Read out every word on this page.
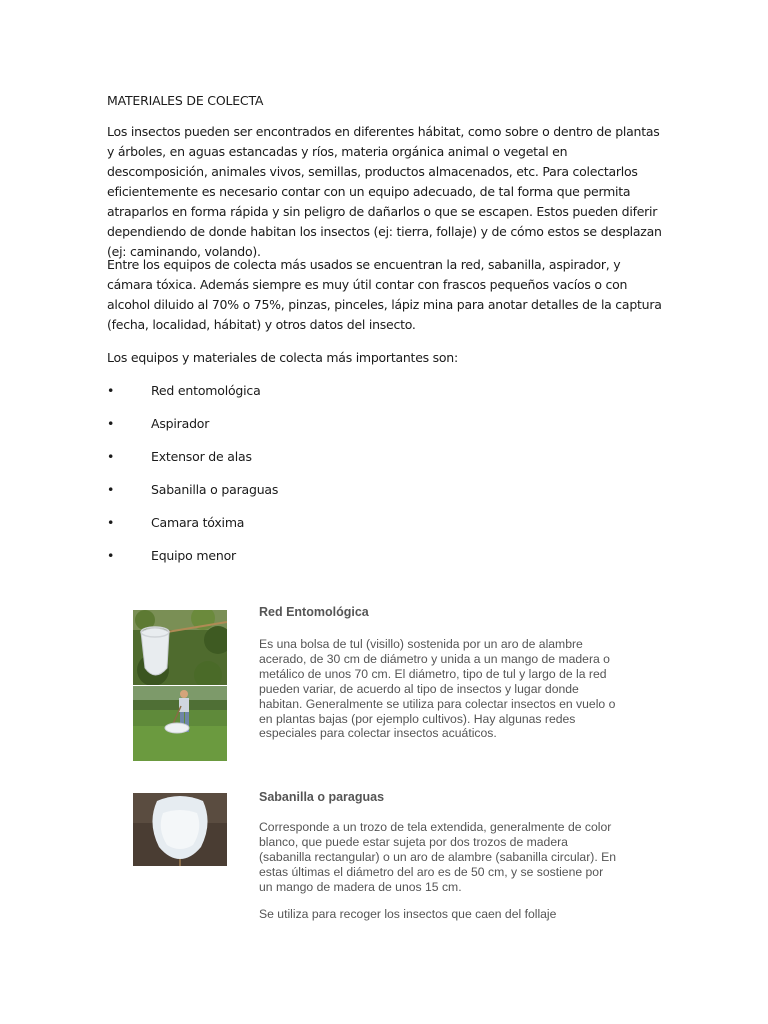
MATERIALES DE COLECTA
Los insectos pueden ser encontrados en diferentes hábitat, como sobre o dentro de plantas y árboles, en aguas estancadas y ríos, materia orgánica animal o vegetal en descomposición, animales vivos, semillas, productos almacenados, etc. Para colectarlos eficientemente es necesario contar con un equipo adecuado, de tal forma que permita atraparlos en forma rápida y sin peligro de dañarlos o que se escapen. Estos pueden diferir dependiendo de donde habitan los insectos (ej: tierra, follaje) y de cómo estos se desplazan (ej: caminando, volando).
Entre los equipos de colecta más usados se encuentran la red, sabanilla, aspirador, y cámara tóxica. Además siempre es muy útil contar con frascos pequeños vacíos o con alcohol diluido al 70% o 75%, pinzas, pinceles, lápiz mina para anotar detalles de la captura (fecha, localidad, hábitat) y otros datos del insecto.
Los equipos y materiales de colecta más importantes son:
•	Red entomológica
•	Aspirador
•	Extensor de alas
•	Sabanilla o paraguas
•	Camara tóxima
•	Equipo menor
Red Entomológica
Es una bolsa de tul (visillo) sostenida por un aro de alambre acerado, de 30 cm de diámetro y unida a un mango de madera o metálico de unos 70 cm. El diámetro, tipo de tul y largo de la red pueden variar, de acuerdo al tipo de insectos y lugar donde habitan. Generalmente se utiliza para colectar insectos en vuelo o en plantas bajas (por ejemplo cultivos). Hay algunas redes especiales para colectar insectos acuáticos.
Sabanilla o paraguas
Corresponde a un trozo de tela extendida, generalmente de color blanco, que puede estar sujeta por dos trozos de madera (sabanilla rectangular) o un aro de alambre (sabanilla circular). En estas últimas el diámetro del aro es de 50 cm, y se sostiene por un mango de madera de unos 15 cm.
Se utiliza para recoger los insectos que caen del follaje
